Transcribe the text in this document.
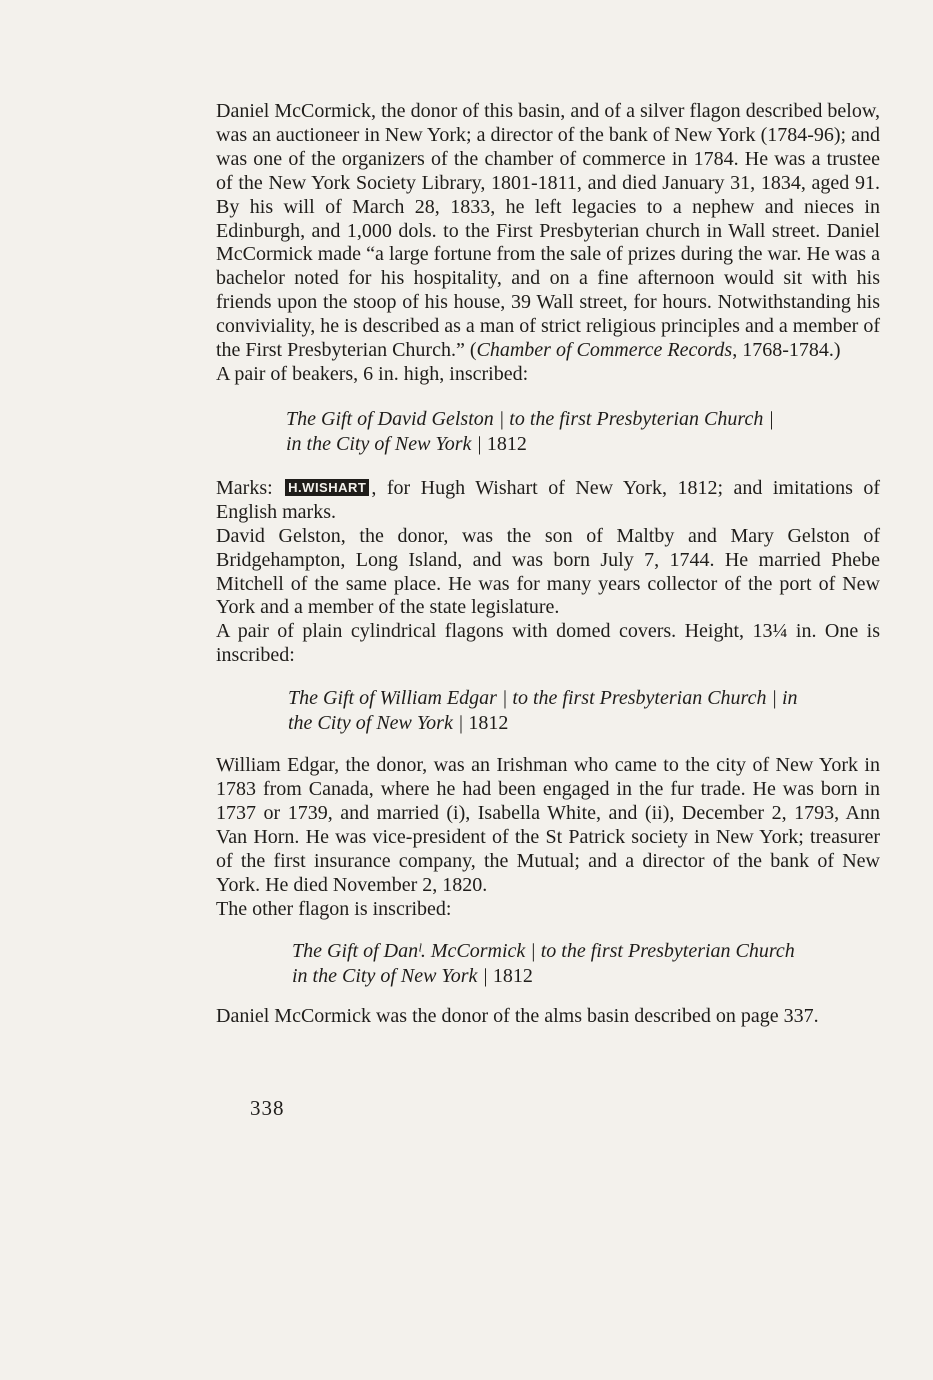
Daniel McCormick, the donor of this basin, and of a silver flagon described below, was an auctioneer in New York; a director of the bank of New York (1784-96); and was one of the organizers of the chamber of commerce in 1784. He was a trustee of the New York Society Library, 1801-1811, and died January 31, 1834, aged 91. By his will of March 28, 1833, he left legacies to a nephew and nieces in Edinburgh, and 1,000 dols. to the First Presbyterian church in Wall street. Daniel McCormick made “a large fortune from the sale of prizes during the war. He was a bachelor noted for his hospitality, and on a fine afternoon would sit with his friends upon the stoop of his house, 39 Wall street, for hours. Notwithstanding his conviviality, he is described as a man of strict religious principles and a member of the First Presbyterian Church.” (Chamber of Commerce Records, 1768-1784.)

A pair of beakers, 6 in. high, inscribed:

The Gift of David Gelston | to the first Presbyterian Church |
in the City of New York | 1812

Marks: H.WISHART , for Hugh Wishart of New York, 1812; and imitations of English marks.

David Gelston, the donor, was the son of Maltby and Mary Gelston of Bridgehampton, Long Island, and was born July 7, 1744. He married Phebe Mitchell of the same place. He was for many years collector of the port of New York and a member of the state legislature.

A pair of plain cylindrical flagons with domed covers. Height, 13¼ in. One is inscribed:

The Gift of William Edgar | to the first Presbyterian Church | in
the City of New York | 1812

William Edgar, the donor, was an Irishman who came to the city of New York in 1783 from Canada, where he had been engaged in the fur trade. He was born in 1737 or 1739, and married (i), Isabella White, and (ii), December 2, 1793, Ann Van Horn. He was vice-president of the St Patrick society in New York; treasurer of the first insurance company, the Mutual; and a director of the bank of New York. He died November 2, 1820.

The other flagon is inscribed:

The Gift of Danˡ. McCormick | to the first Presbyterian Church
in the City of New York | 1812

Daniel McCormick was the donor of the alms basin described on page 337.

338
